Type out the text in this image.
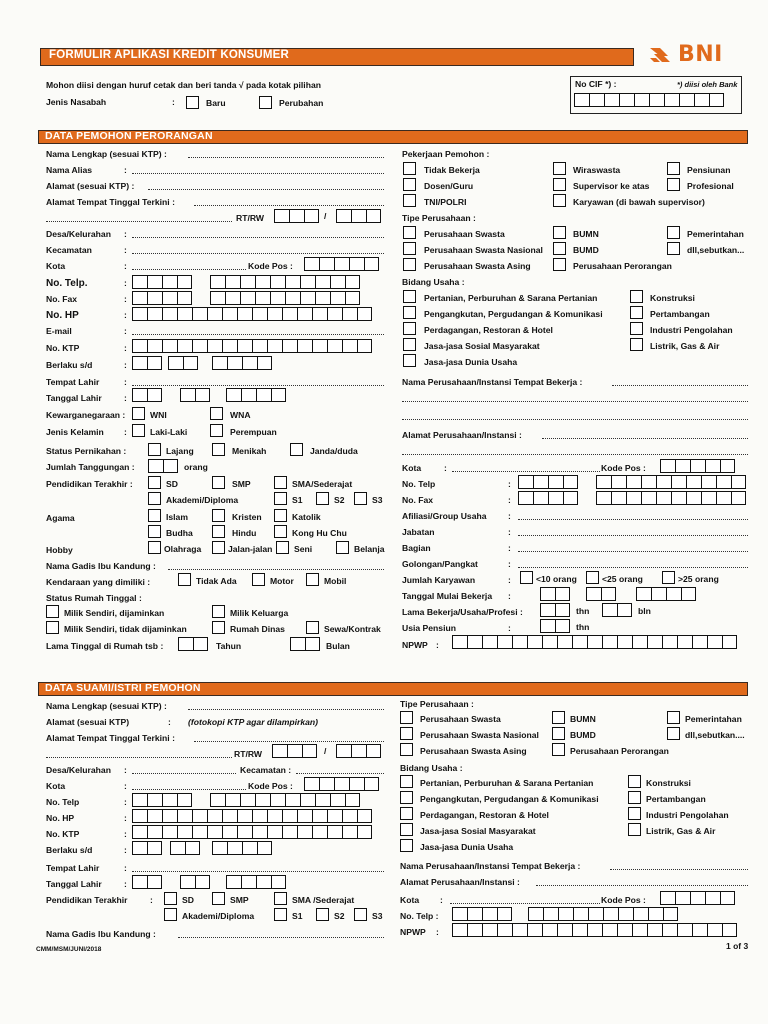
FORMULIR APLIKASI KREDIT KONSUMER	BNI
Mohon diisi dengan huruf cetak dan beri tanda √ pada kotak pilihan
Jenis Nasabah	:	Baru	Perubahan
No CIF *) :	*) diisi oleh Bank
DATA PEMOHON PERORANGAN
Nama Lengkap (sesuai KTP) :
Nama Alias	:
Alamat (sesuai KTP) :
Alamat Tempat Tinggal Terkini :
RT/RW	/
Desa/Kelurahan :
Kecamatan	:
Kota	:	Kode Pos :
No. Telp.	:
No. Fax	:
No. HP	:
E-mail	:
No. KTP	:
Berlaku s/d	:
Tempat Lahir	:
Tanggal Lahir	:
Kewarganegaraan :	WNI	WNA
Jenis Kelamin :	Laki-Laki	Perempuan
Status Pernikahan :	Lajang	Menikah	Janda/duda
Jumlah Tanggungan :	orang
Pendidikan Terakhir :	SD	SMP	SMA/Sederajat
Akademi/Diploma	S1	S2	S3
Agama	Islam	Kristen	Katolik
Budha	Hindu	Kong Hu Chu
Hobby	Olahraga	Jalan-jalan	Seni	Belanja
Nama Gadis Ibu Kandung :
Kendaraan yang dimiliki :	Tidak Ada	Motor	Mobil
Status Rumah Tinggal :
Milik Sendiri, dijaminkan	Milik Keluarga
Milik Sendiri, tidak dijaminkan	Rumah Dinas	Sewa/Kontrak
Lama Tinggal di Rumah tsb :	Tahun	Bulan
Pekerjaan Pemohon :
Tidak Bekerja	Wiraswasta	Pensiunan
Dosen/Guru	Supervisor ke atas	Profesional
TNI/POLRI	Karyawan (di bawah supervisor)
Tipe Perusahaan :
Perusahaan Swasta	BUMN	Pemerintahan
Perusahaan Swasta Nasional	BUMD	dll,sebutkan...
Perusahaan Swasta Asing	Perusahaan Perorangan
Bidang Usaha :
Pertanian, Perburuhan & Sarana Pertanian	Konstruksi
Pengangkutan, Pergudangan & Komunikasi	Pertambangan
Perdagangan, Restoran & Hotel	Industri Pengolahan
Jasa-jasa Sosial Masyarakat	Listrik, Gas & Air
Jasa-jasa Dunia Usaha
Nama Perusahaan/Instansi Tempat Bekerja :
Alamat Perusahaan/Instansi :
Kota	:	Kode Pos :
No. Telp	:
No. Fax	:
Afiliasi/Group Usaha :
Jabatan	:
Bagian	:
Golongan/Pangkat	:
Jumlah Karyawan	:	<10 orang	<25 orang	>25 orang
Tanggal Mulai Bekerja :
Lama Bekerja/Usaha/Profesi :	thn	bln
Usia Pensiun	:	thn
NPWP :
DATA SUAMI/ISTRI PEMOHON
Nama Lengkap (sesuai KTP) :
Alamat (sesuai KTP)	: (fotokopi KTP agar dilampirkan)
Alamat Tempat Tinggal Terkini :
RT/RW	/
Desa/Kelurahan :	Kecamatan :
Kota	:	Kode Pos :
No. Telp	:
No. HP	:
No. KTP	:
Berlaku s/d	:
Tempat Lahir	:
Tanggal Lahir	:
Pendidikan Terakhir	:	SD	SMP	SMA /Sederajat
Akademi/Diploma	S1	S2	S3
Nama Gadis Ibu Kandung :
Tipe Perusahaan :
Perusahaan Swasta	BUMN	Pemerintahan
Perusahaan Swasta Nasional	BUMD	dll,sebutkan....
Perusahaan Swasta Asing	Perusahaan Perorangan
Bidang Usaha :
Pertanian, Perburuhan & Sarana Pertanian	Konstruksi
Pengangkutan, Pergudangan & Komunikasi	Pertambangan
Perdagangan, Restoran & Hotel	Industri Pengolahan
Jasa-jasa Sosial Masyarakat	Listrik, Gas & Air
Jasa-jasa Dunia Usaha
Nama Perusahaan/Instansi Tempat Bekerja :
Alamat Perusahaan/Instansi :
Kota :	Kode Pos :
No. Telp :
NPWP :
CMM/MSM/JUNI/2018	1 of 3
